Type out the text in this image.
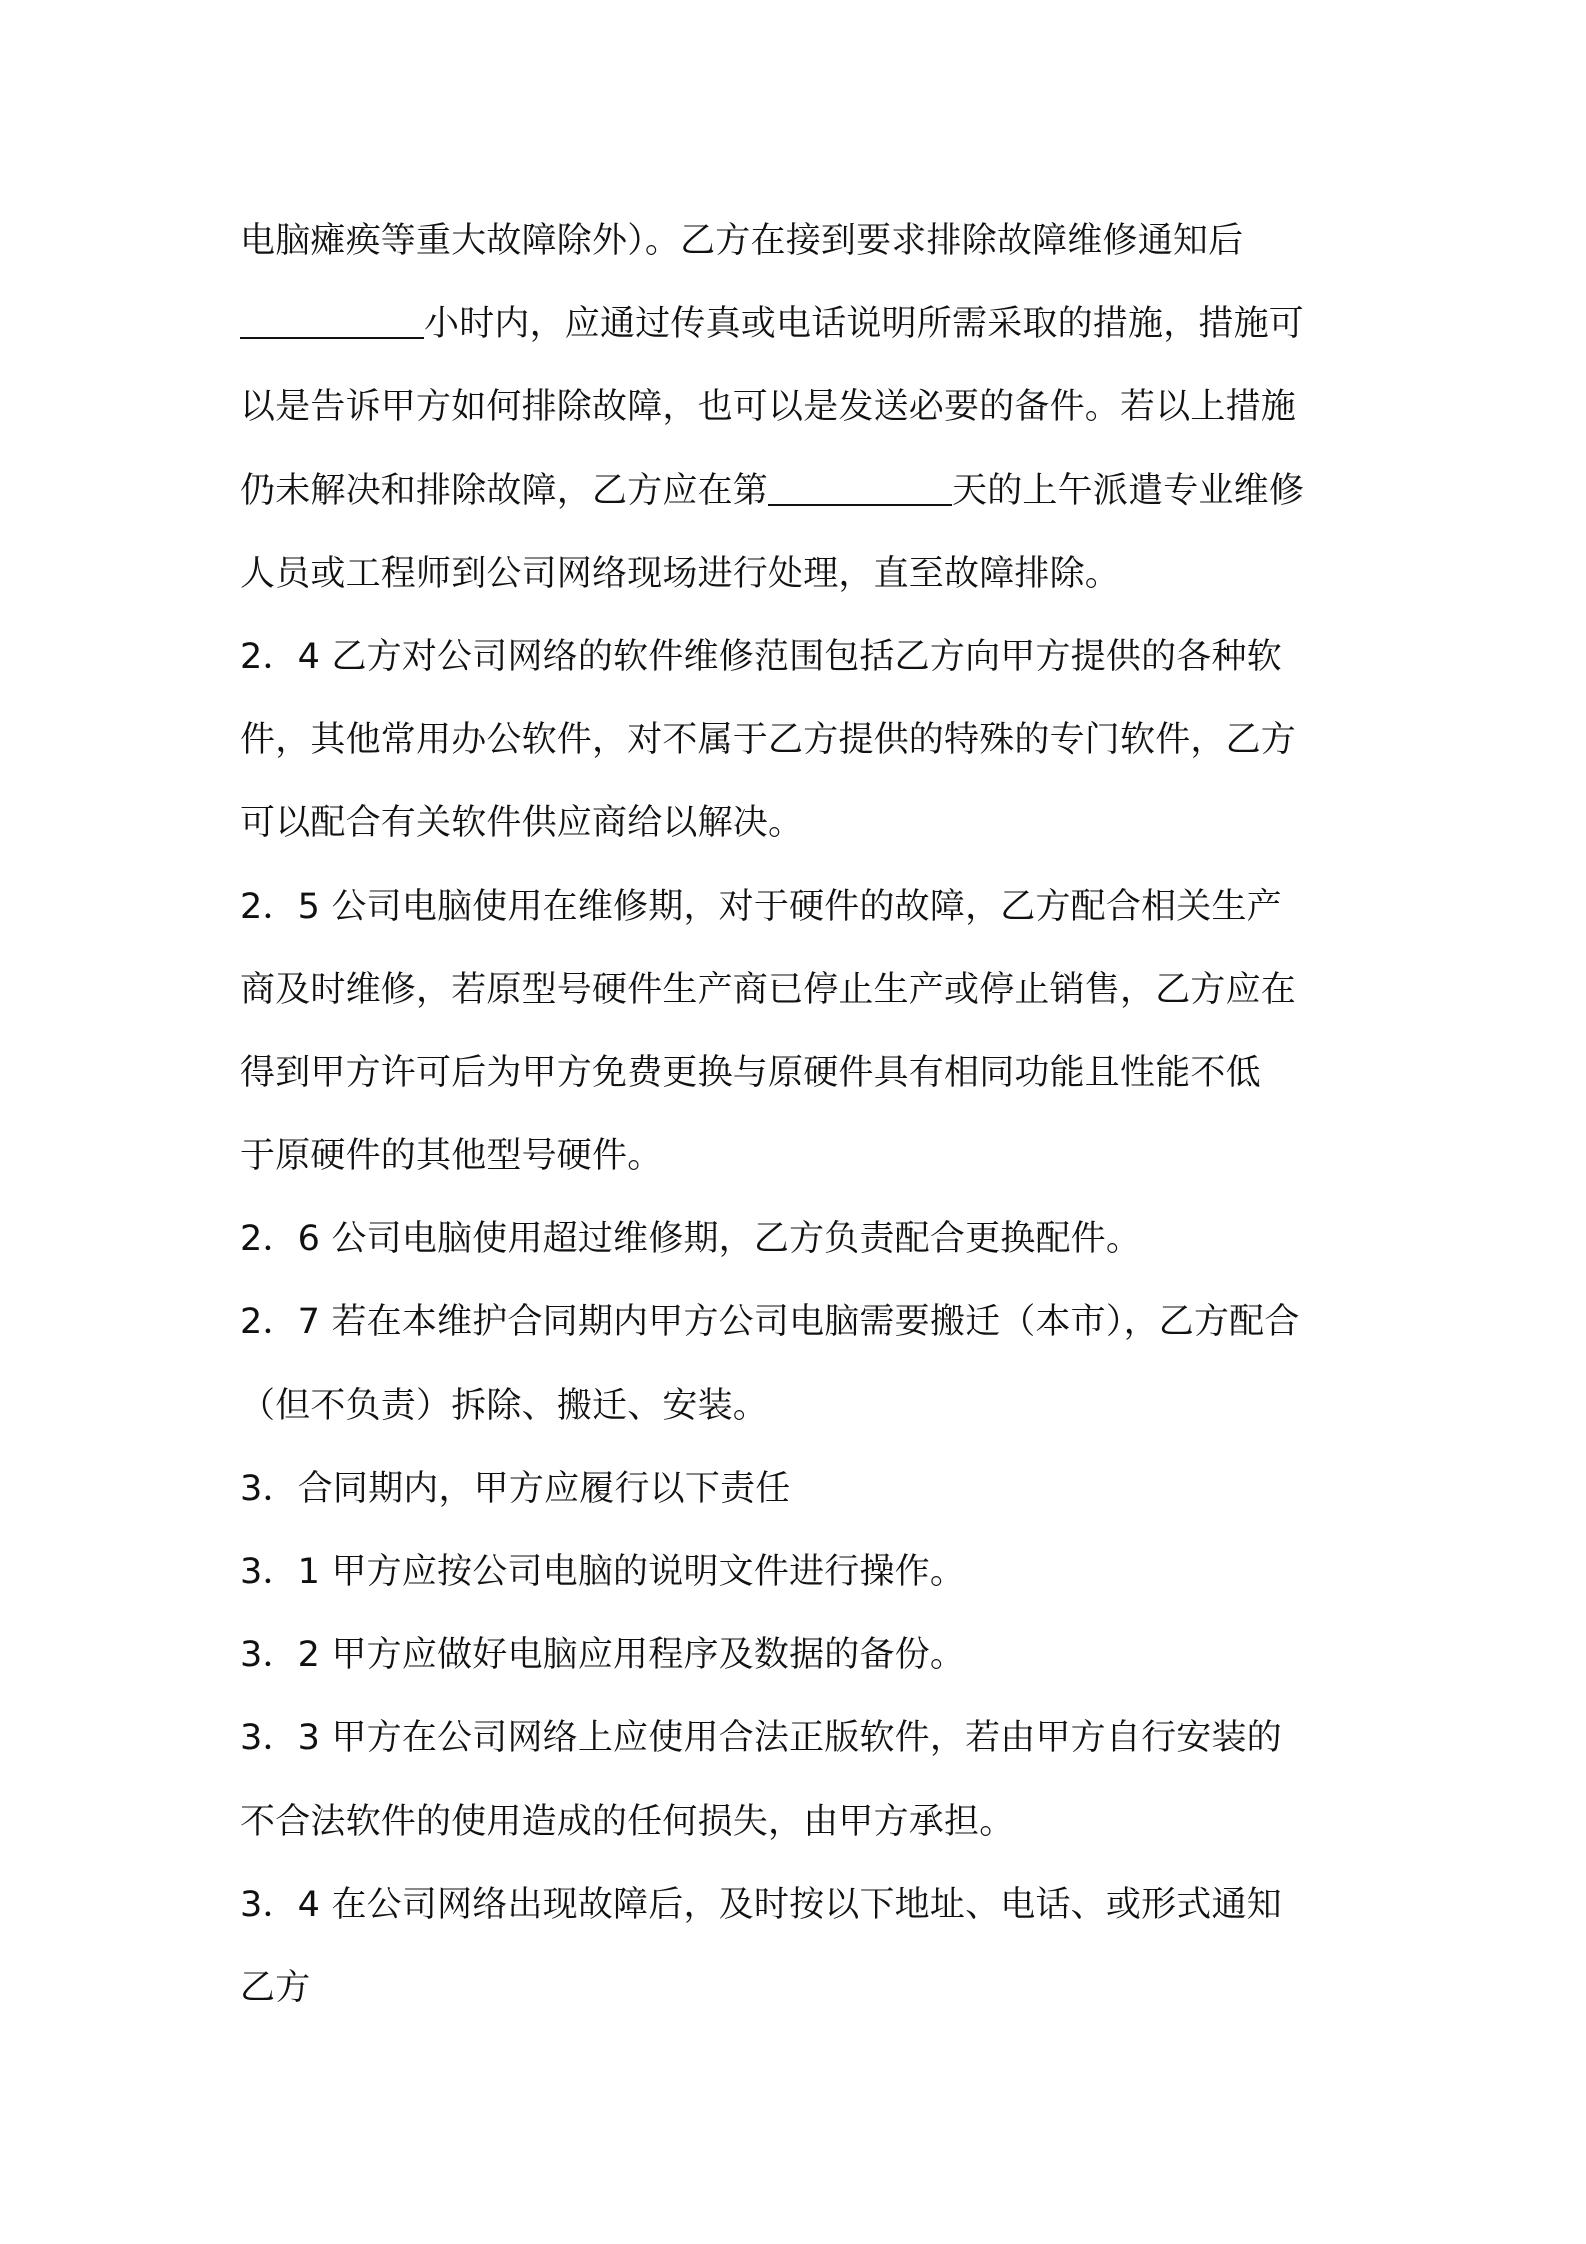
电脑瘫痪等重大故障除外）。乙方在接到要求排除故障维修通知后
小时内，应通过传真或电话说明所需采取的措施，措施可
以是告诉甲方如何排除故障，也可以是发送必要的备件。若以上措施
仍未解决和排除故障，乙方应在第	天的上午派遣专业维修
人员或工程师到公司网络现场进行处理，直至故障排除。
2．4 乙方对公司网络的软件维修范围包括乙方向甲方提供的各种软
件，其他常用办公软件，对不属于乙方提供的特殊的专门软件，乙方
可以配合有关软件供应商给以解决。
2．5 公司电脑使用在维修期，对于硬件的故障，乙方配合相关生产
商及时维修，若原型号硬件生产商已停止生产或停止销售，乙方应在
得到甲方许可后为甲方免费更换与原硬件具有相同功能且性能不低
于原硬件的其他型号硬件。
2．6 公司电脑使用超过维修期，乙方负责配合更换配件。
2．7 若在本维护合同期内甲方公司电脑需要搬迁（本市），乙方配合
（但不负责）拆除、搬迁、安装。
3．合同期内，甲方应履行以下责任
3．1 甲方应按公司电脑的说明文件进行操作。
3．2 甲方应做好电脑应用程序及数据的备份。
3．3 甲方在公司网络上应使用合法正版软件，若由甲方自行安装的
不合法软件的使用造成的任何损失，由甲方承担。
3．4 在公司网络出现故障后，及时按以下地址、电话、或形式通知
乙方
